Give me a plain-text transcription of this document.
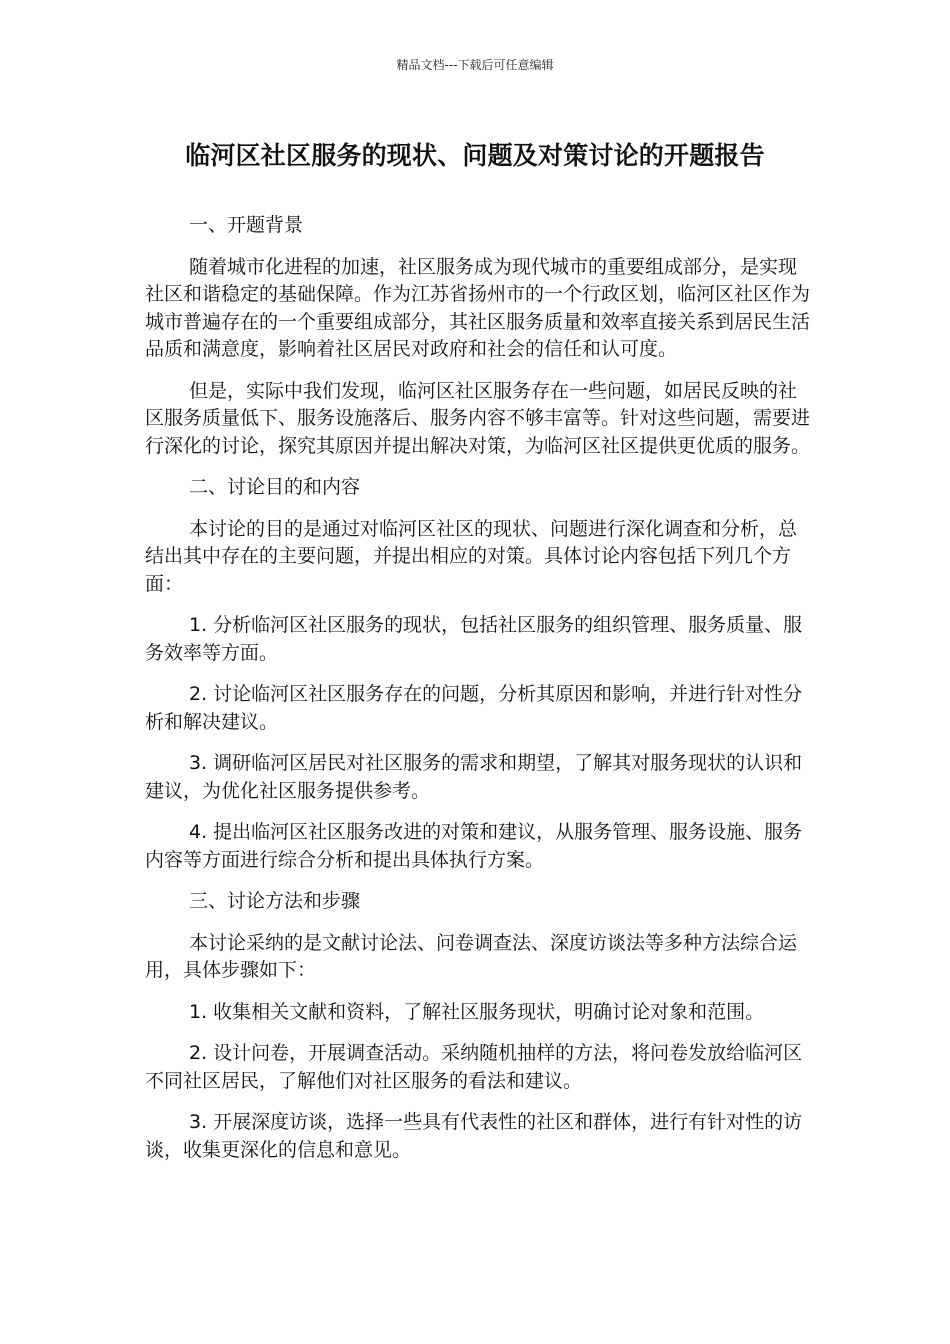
精品文档---下载后可任意编辑
临河区社区服务的现状、问题及对策讨论的开题报告

一、开题背景

随着城市化进程的加速，社区服务成为现代城市的重要组成部分，是实现社区和谐稳定的基础保障。作为江苏省扬州市的一个行政区划，临河区社区作为城市普遍存在的一个重要组成部分，其社区服务质量和效率直接关系到居民生活品质和满意度，影响着社区居民对政府和社会的信任和认可度。

但是，实际中我们发现，临河区社区服务存在一些问题，如居民反映的社区服务质量低下、服务设施落后、服务内容不够丰富等。针对这些问题，需要进行深化的讨论，探究其原因并提出解决对策，为临河区社区提供更优质的服务。

二、讨论目的和内容

本讨论的目的是通过对临河区社区的现状、问题进行深化调查和分析，总结出其中存在的主要问题，并提出相应的对策。具体讨论内容包括下列几个方面：

1. 分析临河区社区服务的现状，包括社区服务的组织管理、服务质量、服务效率等方面。

2. 讨论临河区社区服务存在的问题，分析其原因和影响，并进行针对性分析和解决建议。

3. 调研临河区居民对社区服务的需求和期望，了解其对服务现状的认识和建议，为优化社区服务提供参考。

4. 提出临河区社区服务改进的对策和建议，从服务管理、服务设施、服务内容等方面进行综合分析和提出具体执行方案。

三、讨论方法和步骤

本讨论采纳的是文献讨论法、问卷调查法、深度访谈法等多种方法综合运用，具体步骤如下：

1. 收集相关文献和资料，了解社区服务现状，明确讨论对象和范围。

2. 设计问卷，开展调查活动。采纳随机抽样的方法，将问卷发放给临河区不同社区居民，了解他们对社区服务的看法和建议。

3. 开展深度访谈，选择一些具有代表性的社区和群体，进行有针对性的访谈，收集更深化的信息和意见。
